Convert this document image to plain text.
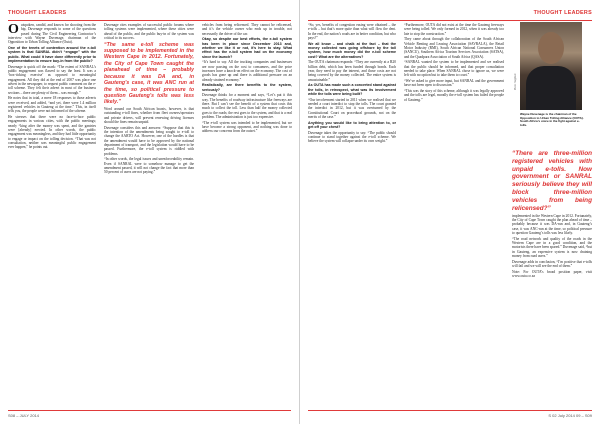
THOUGHT LEADERS

Outspoken, candid, and known for shooting from the hip, Duvenage responds to some of the questions posed during The Civil Engineering Contractor’s interview with Wayne Duvenage, chairman of the Opposition to Urban Tolling Alliance (Outa).

One of the tenets of contention around the e-toll system is that SANRAL didn’t “engage” with the public. What could it have done differently prior to implementation to ensure buy-in from the public?

Duvenage is quick off the mark: “The extent of SANRAL’s public engagement was flawed to say the least. It was a ‘box-ticking exercise’ as opposed to meaningful engagement. All they did at the end of 2007 was place one advert in the newspaper, to request public comment on the e-toll scheme. They felt their advert in most of the business sections – there are plenty of them – was enough.”

He notes that in total, a mere 18 responses to those adverts were received, and added, “and yet, there were 1.4 million registered vehicles in Gauteng at the time.” This, in itself tells you, the people were not informed of the scheme.

He stresses that there were no face-to-face public engagements in various cities, with the public meetings; nearly “king after the money was spent, and the gantries were [already] erected. In other words, the public engagement was meaningless, and they had little opportunity to engage or impact on the tolling decision. “That was not consultation, neither was meaningful public engagement ever happen,” he points out.

Duvenage cites examples of successful public forums where tolling systems were implemented, where these cities were ahead of the public, and the public buy-in of the system was critical to its success.

“The same e-toll scheme was supposed to be implemented in the Western Cape in 2012. Fortunately, the City of Cape Town caught the planahead of time – probably because it was DA and, in Gauteng’s case, it was ANC run at the time, so political pressure to question Gauteng’s tolls was less likely.”

Word around our South African boasts, however, is that outstanding e-toll fines, whether from fleet owners/operators and private drivers, will prevent renewing driving licenses should the fines remain unpaid.

Duvenage considers this and answers: “Suppose that this is the intention of the amendments being sought to e-toll to change the AARTO Act. However, one of the hurdles is that the amendment would have to be approved by the national department of transport, and the legislation would have to be passed. Furthermore, the e-toll system is riddled with problems.

“In other words, the legal issues and unenforceability remain. Even if SANRAL were to somehow manage to get the amendment passed, it will not change the fact that more than 50 percent of users are not paying.”

vehicles from being relicensed. They cannot be relicensed, and it’s the vehicle owner who ends up in trouble, not necessarily the driver of the car.

Okay, so despite our best efforts, the e-toll system has been in place since December 2013 and, whether we like it or not, it’s here to stay. What effect has the e-toll system had on the economy since the launch?

“It’s hard to say. All the trucking companies and businesses are now passing on the cost to consumers, and the price increases have a knock-on effect on the economy. The cost of goods has gone up and there is additional pressure on an already strained economy.”

Realistically, are there benefits to the system, seriously?

Duvenage thinks for a moment and says, “Let’s put it this way. The benefits of roadway infrastructure like freeways are there. But I can’t see the benefit of a system that costs this much to collect the toll. Less than half the money collected goes to the roads; the rest goes to the system, and that is a real problem. The administration is just too expensive.

“The e-toll system was intended to be implemented, but we have become a strong opponent, and nothing was done to address our concerns from the outset.”

S08 – JULY 2014
THOUGHT LEADERS

“So, yes, benefits of congestion easing were obtained – the e-tolls – but that’s more quite than what will flow the dent. In the end, the nation’s roads are in better condition, but who pays?”

We all know – and chalk at the fact – that the money collected was going offshore by the toll system, how much money did the e-toll scheme cost? What are the alternatives?

The OUTA chairman responds: “They are currently at a R20 billion debt, which has been funded through bonds. Each year, they need to pay the interest, and those costs are not being covered by the money collected. The entire system is unsustainable.”

As OUTA has made such a concerted stand against the tolls, in retrospect, what was its involvement while the tolls were being built?

“Our involvement started in 2011 when we realised that we needed a court interdict to stop the tolls. The court granted the interdict in 2012, but it was overturned by the Constitutional Court on procedural grounds, not on the merits of the case.”

Anything you would like to bring attention to, or get off your chest?

Duvenage takes the opportunity to say: “The public should continue to stand together against the e-toll scheme. We believe the system will collapse under its own weight.”

“Furthermore, OUTA did not exist at the time the Gauteng freeways were being tolled. We only formed in 2012, when it was already too late to stop the construction.”

They came about through the collaboration of the South African Vehicle Renting and Leasing Association (SAVRALA), the Retail Motor Industry (RMI), South African National Consumers Union (SANCU), Southern Africa Tourism Services Association (SATSA), and the Quadpara Association of South Africa (QASA).

“SANRAL wanted the system to be implemented and we realised that the public should be informed, and that proper consultation needed to take place. When SANRAL chose to ignore us, we were left with no option but to take them to court.”

“We’ve asked to give more input, but SANRAL and the government have not been open to discussion.”

“This was the story of this scheme, although it was legally approved and the tolls are legal, morally the e-toll system has failed the people of Gauteng.”

“There are three-million registered vehicles with unpaid e-tolls. Now government or SANRAL seriously believe they will block three-million vehicles from being relicensed?”

implemented in the Western Cape in 2012. Fortunately, the City of Cape Town caught the plan ahead of time – probably because it was DA-run and, in Gauteng’s case, it was ANC-run at the time, so political pressure to question Gauteng’s tolls was less likely.

“The road network and quality of the roads in the Western Cape are in a good condition, and the motorists there have been spared.” Duvenage said, “but in Gauteng, an expensive system is now draining money from road users.”

Duvenage adds in conclusion, “I’m positive that e-tolls will fail and we will see the end of them.”

Note: For OUTA’s broad position paper, visit www.outa.co.za

S 02 July 2014 09 – S09
Photo: Supplied
Wayne Duvenage is the chairman of the Opposition to Urban Tolling Alliance (OUTA). South Africa’s voice in the fight against e-tolls.
